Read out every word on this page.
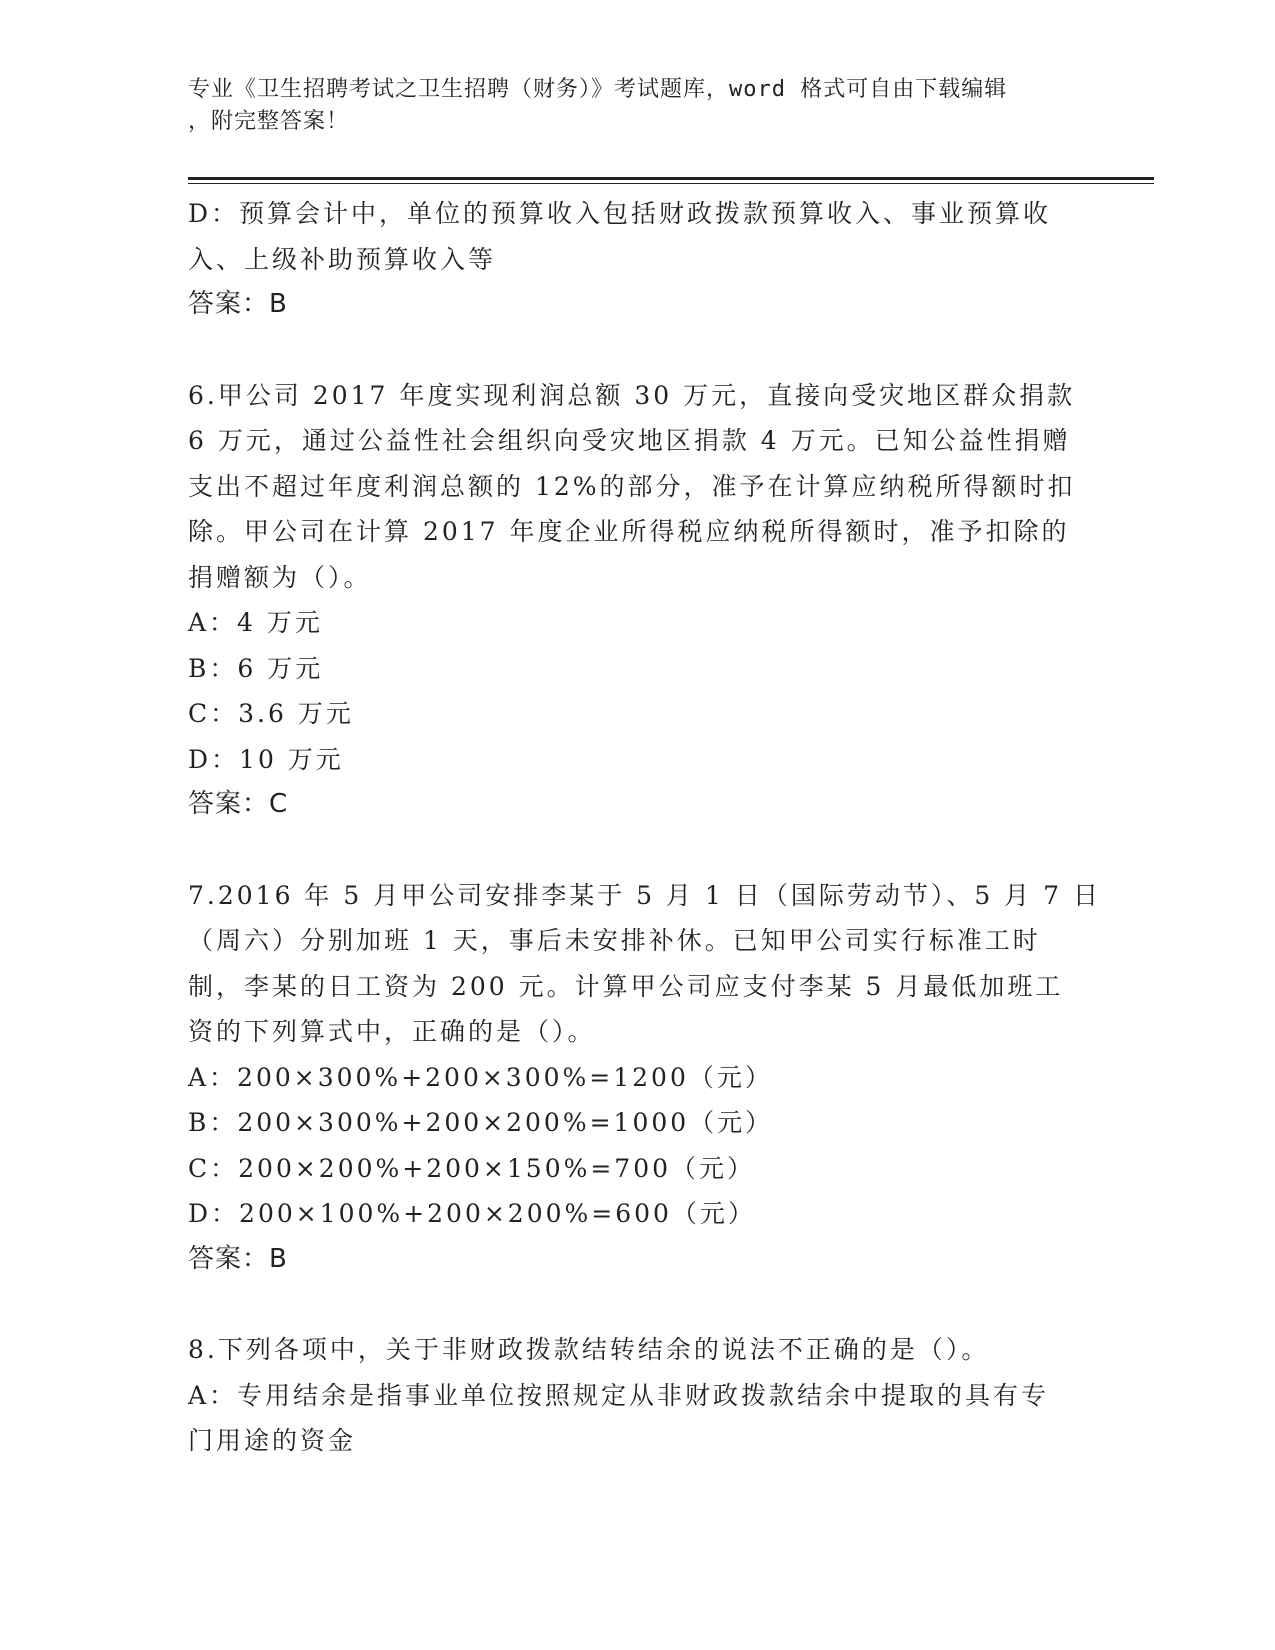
专业《卫生招聘考试之卫生招聘（财务）》考试题库，word 格式可自由下载编辑
，附完整答案！
D：预算会计中，单位的预算收入包括财政拨款预算收入、事业预算收
入、上级补助预算收入等
答案：B
6.甲公司 2017 年度实现利润总额 30 万元，直接向受灾地区群众捐款
6 万元，通过公益性社会组织向受灾地区捐款 4 万元。已知公益性捐赠
支出不超过年度利润总额的 12%的部分，准予在计算应纳税所得额时扣
除。甲公司在计算 2017 年度企业所得税应纳税所得额时，准予扣除的
捐赠额为（）。
A：4 万元
B：6 万元
C：3.6 万元
D：10 万元
答案：C
7.2016 年 5 月甲公司安排李某于 5 月 1 日（国际劳动节）、5 月 7 日
（周六）分别加班 1 天，事后未安排补休。已知甲公司实行标准工时
制，李某的日工资为 200 元。计算甲公司应支付李某 5 月最低加班工
资的下列算式中，正确的是（）。
A：200×300%+200×300%=1200（元）
B：200×300%+200×200%=1000（元）
C：200×200%+200×150%=700（元）
D：200×100%+200×200%=600（元）
答案：B
8.下列各项中，关于非财政拨款结转结余的说法不正确的是（）。
A：专用结余是指事业单位按照规定从非财政拨款结余中提取的具有专
门用途的资金
